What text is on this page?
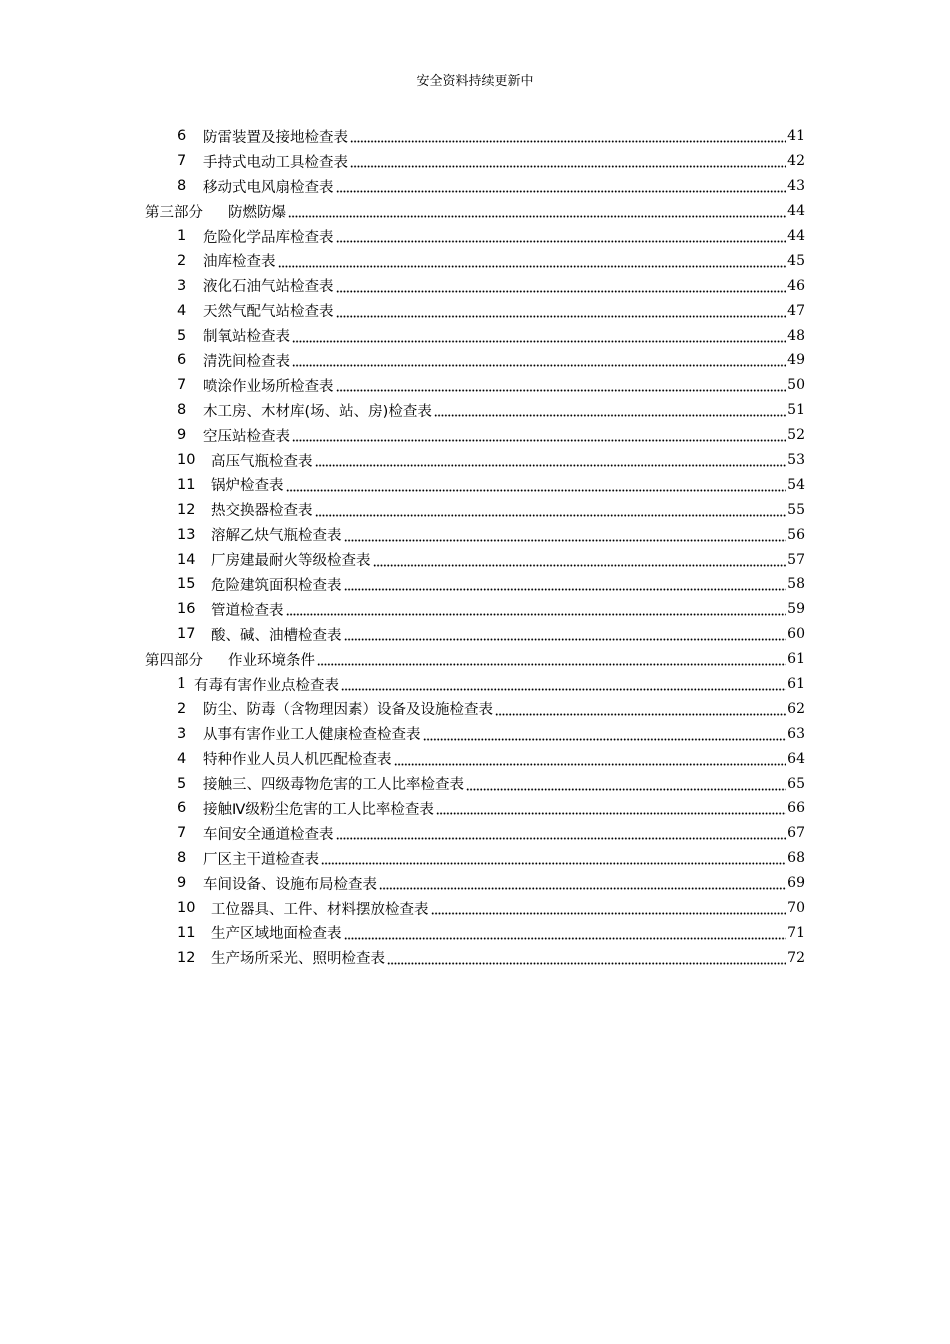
安全资料持续更新中
6	防雷装置及接地检查表	41
7	手持式电动工具检查表	42
8	移动式电风扇检查表	43
第三部分	防燃防爆	44
1	危险化学品库检查表	44
2	油库检查表	45
3	液化石油气站检查表	46
4	天然气配气站检查表	47
5	制氧站检查表	48
6	清洗间检查表	49
7	喷涂作业场所检查表	50
8	木工房、木材库(场、站、房)检查表	51
9	空压站检查表	52
10	高压气瓶检查表	53
11	锅炉检查表	54
12	热交换器检查表	55
13	溶解乙炔气瓶检查表	56
14	厂房建最耐火等级检查表	57
15	危险建筑面积检查表	58
16	管道检查表	59
17	酸、碱、油槽检查表	60
第四部分	作业环境条件	61
1 有毒有害作业点检查表	61
2	防尘、防毒（含物理因素）设备及设施检查表	62
3	从事有害作业工人健康检查检查表	63
4	特种作业人员人机匹配检查表	64
5	接触三、四级毒物危害的工人比率检查表	65
6	接触Ⅳ级粉尘危害的工人比率检查表	66
7	车间安全通道检查表	67
8	厂区主干道检查表	68
9	车间设备、设施布局检查表	69
10	工位器具、工件、材料摆放检查表	70
11	生产区域地面检查表	71
12	生产场所采光、照明检查表	72
